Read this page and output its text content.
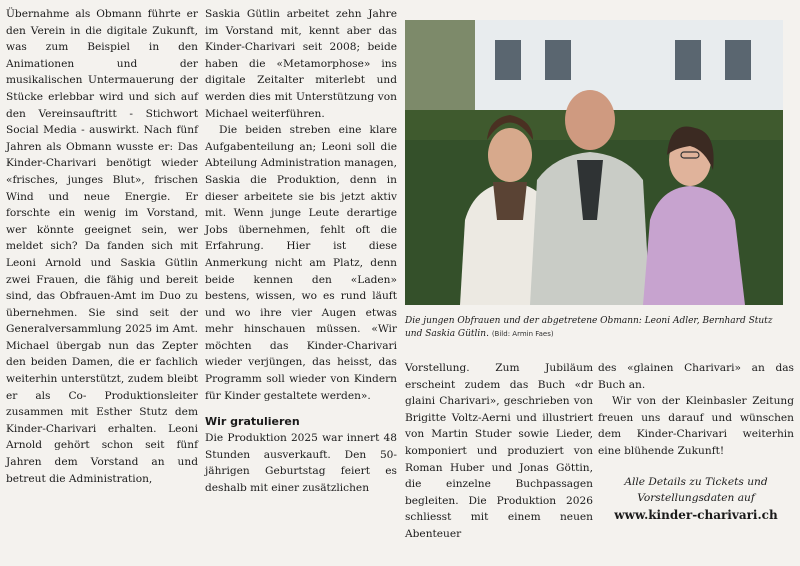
Übernahme als Obmann führte er den Verein in die digitale Zukunft, was zum Beispiel in den Animationen und der musikalischen Untermauerung der Stücke erlebbar wird und sich auf den Vereinsauftritt - Stichwort Social Media - auswirkt. Nach fünf Jahren als Obmann wusste er: Das Kinder-Charivari benötigt wieder «frisches, junges Blut», frischen Wind und neue Energie. Er forschte ein wenig im Vorstand, wer könnte geeignet sein, wer meldet sich? Da fanden sich mit Leoni Arnold und Saskia Gütlin zwei Frauen, die fähig und bereit sind, das Obfrauen-Amt im Duo zu übernehmen. Sie sind seit der Generalversammlung 2025 im Amt. Michael übergab nun das Zepter den beiden Damen, die er fachlich weiterhin unterstützt, zudem bleibt er als Co- Produktionsleiter zusammen mit Esther Stutz dem Kinder-Charivari erhalten. Leoni Arnold gehört schon seit fünf Jahren dem Vorstand an und betreut die Administration,

Saskia Gütlin arbeitet zehn Jahre im Vorstand mit, kennt aber das Kinder-Charivari seit 2008; beide haben die «Metamorphose» ins digitale Zeitalter miterlebt und werden dies mit Unterstützung von Michael weiterführen.

Die beiden streben eine klare Aufgabenteilung an; Leoni soll die Abteilung Administration managen, Saskia die Produktion, denn in dieser arbeitete sie bis jetzt aktiv mit. Wenn junge Leute derartige Jobs übernehmen, fehlt oft die Erfahrung. Hier ist diese Anmerkung nicht am Platz, denn beide kennen den «Laden» bestens, wissen, wo es rund läuft und wo ihre vier Augen etwas mehr hinschauen müssen. «Wir möchten das Kinder-Charivari wieder verjüngen, das heisst, das Programm soll wieder von Kindern für Kinder gestaltete werden».

Wir gratulieren

Die Produktion 2025 war innert 48 Stunden ausverkauft. Den 50-jährigen Geburtstag feiert es deshalb mit einer zusätzlichen

Die jungen Obfrauen und der abgetretene Obmann: Leoni Adler, Bernhard Stutz und Saskia Gütlin. (Bild: Armin Faes)

Vorstellung. Zum Jubiläum erscheint zudem das Buch «dr glaini Charivari», geschrieben von Brigitte Voltz-Aerni und illustriert von Martin Studer sowie Lieder, komponiert und produziert von Roman Huber und Jonas Göttin, die einzelne Buchpassagen begleiten. Die Produktion 2026 schliesst mit einem neuen Abenteuer

des «glainen Charivari» an das Buch an.

Wir von der Kleinbasler Zeitung freuen uns darauf und wünschen dem Kinder-Charivari weiterhin eine blühende Zukunft!

Alle Details zu Tickets und Vorstellungsdaten auf
www.kinder-charivari.ch
